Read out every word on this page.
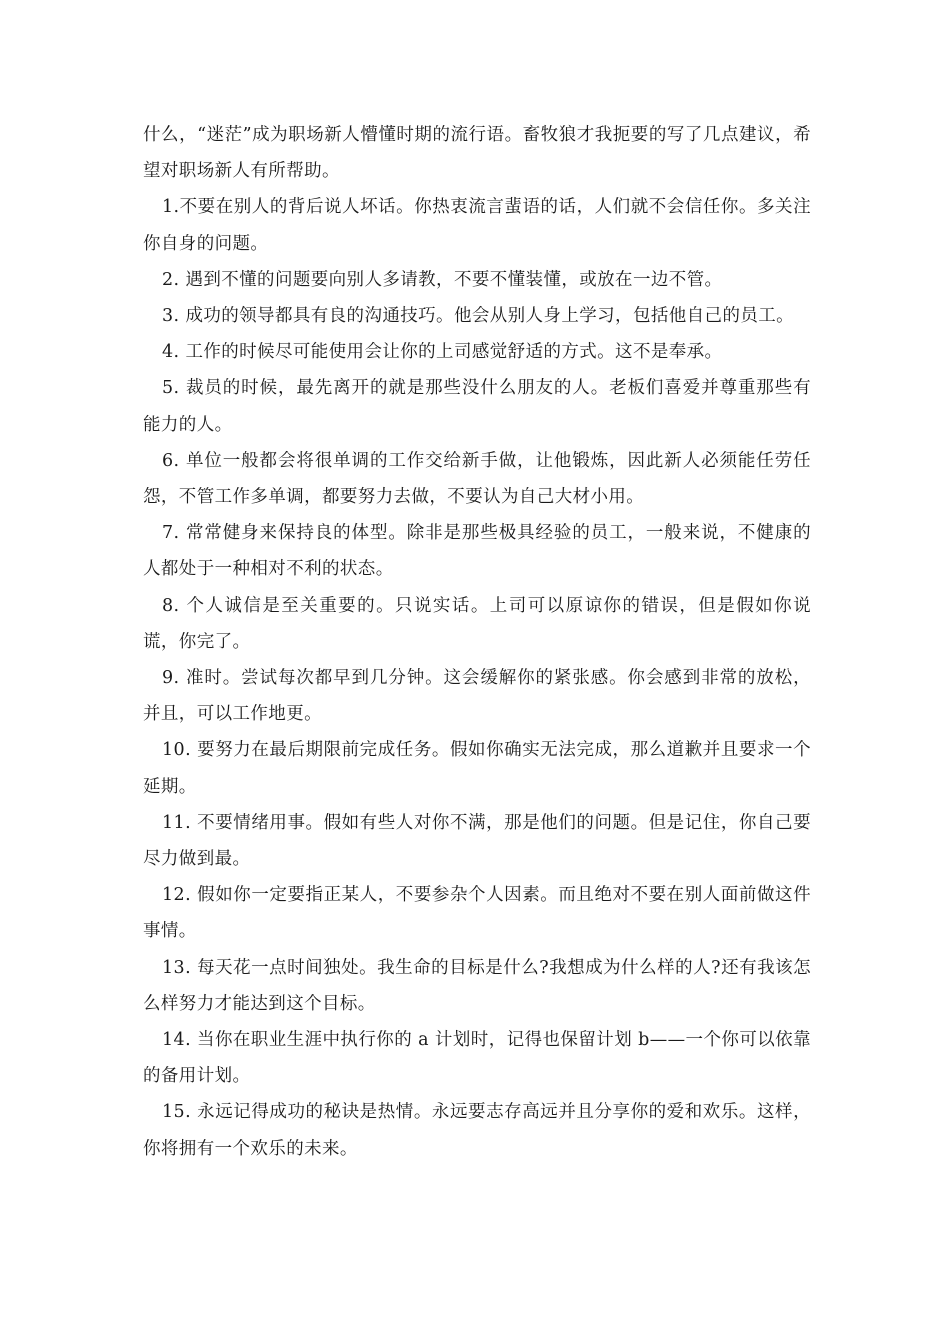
什么，“迷茫”成为职场新人懵懂时期的流行语。畜牧狼才我扼要的写了几点建议，希望对职场新人有所帮助。

1.不要在别人的背后说人坏话。你热衷流言蜚语的话，人们就不会信任你。多关注你自身的问题。

2. 遇到不懂的问题要向别人多请教，不要不懂装懂，或放在一边不管。

3. 成功的领导都具有良的沟通技巧。他会从别人身上学习，包括他自己的员工。

4. 工作的时候尽可能使用会让你的上司感觉舒适的方式。这不是奉承。

5. 裁员的时候，最先离开的就是那些没什么朋友的人。老板们喜爱并尊重那些有能力的人。

6. 单位一般都会将很单调的工作交给新手做，让他锻炼，因此新人必须能任劳任怨，不管工作多单调，都要努力去做，不要认为自己大材小用。

7. 常常健身来保持良的体型。除非是那些极具经验的员工，一般来说，不健康的人都处于一种相对不利的状态。

8. 个人诚信是至关重要的。只说实话。上司可以原谅你的错误，但是假如你说谎，你完了。

9. 准时。尝试每次都早到几分钟。这会缓解你的紧张感。你会感到非常的放松，并且，可以工作地更。

10. 要努力在最后期限前完成任务。假如你确实无法完成，那么道歉并且要求一个延期。

11. 不要情绪用事。假如有些人对你不满，那是他们的问题。但是记住，你自己要尽力做到最。

12. 假如你一定要指正某人，不要参杂个人因素。而且绝对不要在别人面前做这件事情。

13. 每天花一点时间独处。我生命的目标是什么?我想成为什么样的人?还有我该怎么样努力才能达到这个目标。

14. 当你在职业生涯中执行你的 a 计划时，记得也保留计划 b——一个你可以依靠的备用计划。

15. 永远记得成功的秘诀是热情。永远要志存高远并且分享你的爱和欢乐。这样，你将拥有一个欢乐的未来。
